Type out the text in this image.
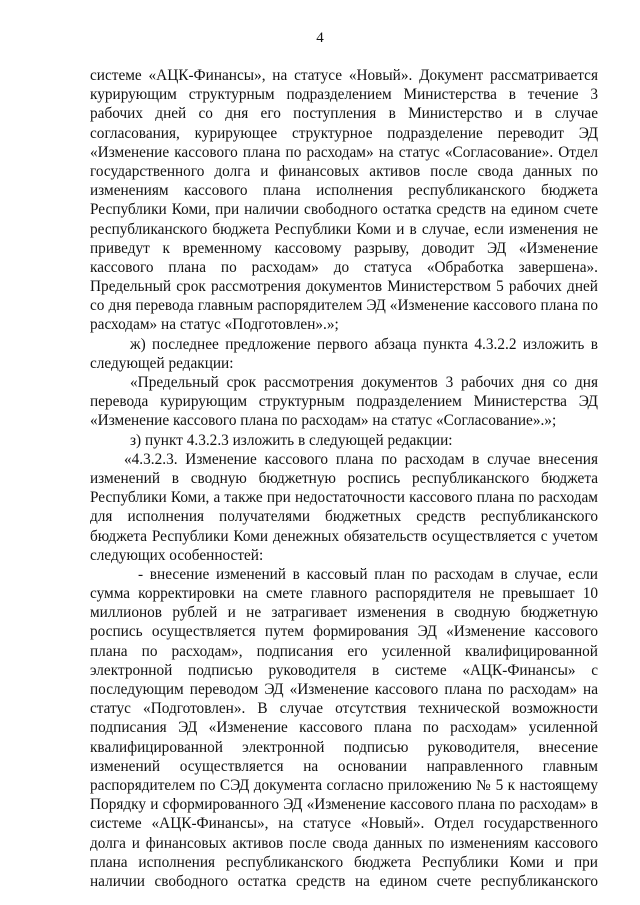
4
системе «АЦК-Финансы», на статусе «Новый». Документ рассматривается
курирующим структурным подразделением Министерства в течение 3
рабочих дней со дня его поступления в Министерство и в случае
согласования, курирующее структурное подразделение переводит ЭД
«Изменение кассового плана по расходам» на статус «Согласование». Отдел
государственного долга и финансовых активов после свода данных по
изменениям кассового плана исполнения республиканского бюджета
Республики Коми, при наличии свободного остатка средств на едином счете
республиканского бюджета Республики Коми и в случае, если изменения не
приведут к временному кассовому разрыву, доводит ЭД «Изменение
кассового плана по расходам» до статуса «Обработка завершена».
Предельный срок рассмотрения документов Министерством 5 рабочих дней
со дня перевода главным распорядителем ЭД «Изменение кассового плана по
расходам» на статус «Подготовлен».»;
ж) последнее предложение первого абзаца пункта 4.3.2.2 изложить в
следующей редакции:
«Предельный срок рассмотрения документов 3 рабочих дня со дня
перевода курирующим структурным подразделением Министерства ЭД
«Изменение кассового плана по расходам» на статус «Согласование».»;
з) пункт 4.3.2.3 изложить в следующей редакции:
«4.3.2.3. Изменение кассового плана по расходам в случае внесения
изменений в сводную бюджетную роспись республиканского бюджета
Республики Коми, а также при недостаточности кассового плана по расходам
для исполнения получателями бюджетных средств республиканского
бюджета Республики Коми денежных обязательств осуществляется с учетом
следующих особенностей:
- внесение изменений в кассовый план по расходам в случае, если
сумма корректировки на смете главного распорядителя не превышает 10
миллионов рублей и не затрагивает изменения в сводную бюджетную
роспись осуществляется путем формирования ЭД «Изменение кассового
плана по расходам», подписания его усиленной квалифицированной
электронной подписью руководителя в системе «АЦК-Финансы» с
последующим переводом ЭД «Изменение кассового плана по расходам» на
статус «Подготовлен». В случае отсутствия технической возможности
подписания ЭД «Изменение кассового плана по расходам» усиленной
квалифицированной электронной подписью руководителя, внесение
изменений осуществляется на основании направленного главным
распорядителем по СЭД документа согласно приложению № 5 к настоящему
Порядку и сформированного ЭД «Изменение кассового плана по расходам» в
системе «АЦК-Финансы», на статусе «Новый». Отдел государственного
долга и финансовых активов после свода данных по изменениям кассового
плана исполнения республиканского бюджета Республики Коми и при
наличии свободного остатка средств на едином счете республиканского
